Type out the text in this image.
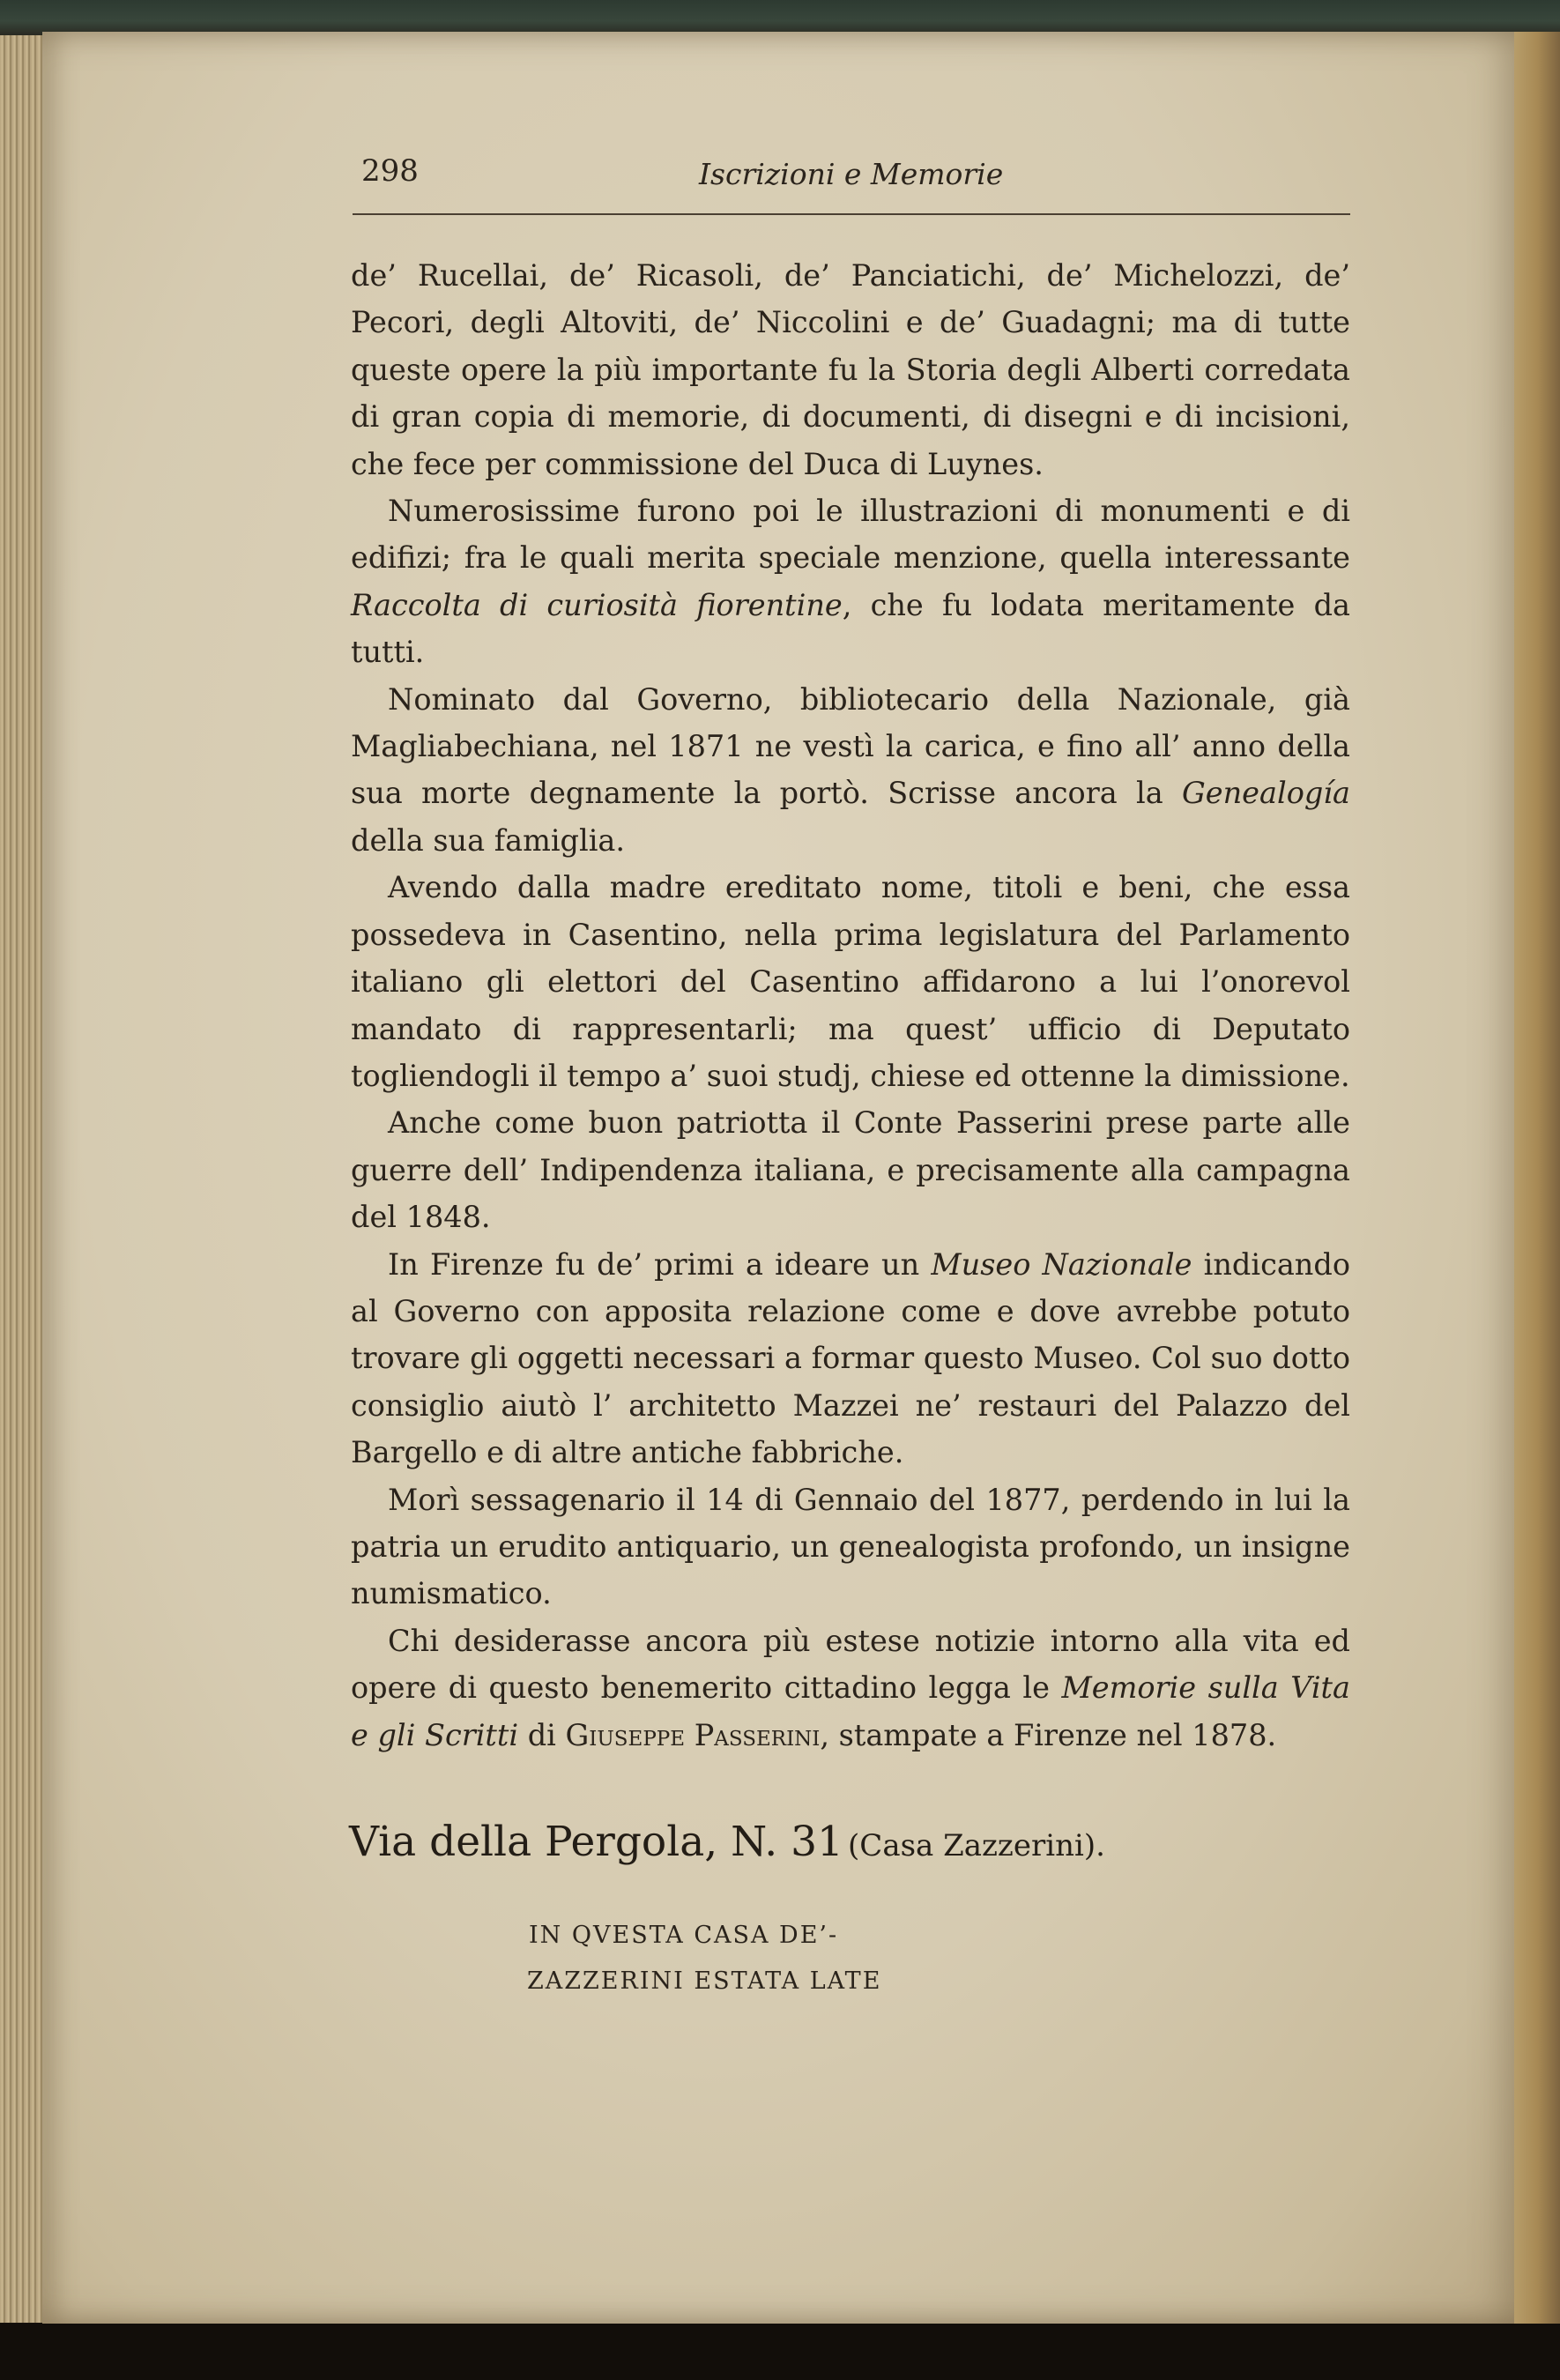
298	Iscrizioni e Memorie

de’ Rucellai, de’ Ricasoli, de’ Panciatichi, de’ Michelozzi, de’ Pecori, degli Altoviti, de’ Niccolini e de’ Guadagni; ma di tutte queste opere la più importante fu la Storia degli Alberti corredata di gran copia di memorie, di documenti, di disegni e di incisioni, che fece per commissione del Duca di Luynes.

Numerosissime furono poi le illustrazioni di monumenti e di edifizi; fra le quali merita speciale menzione, quella interessante Raccolta di curiosità fiorentine, che fu lodata meritamente da tutti.

Nominato dal Governo, bibliotecario della Nazionale, già Magliabechiana, nel 1871 ne vestì la carica, e fino all’ anno della sua morte degnamente la portò. Scrisse ancora la Genealogía della sua famiglia.

Avendo dalla madre ereditato nome, titoli e beni, che essa possedeva in Casentino, nella prima legislatura del Parlamento italiano gli elettori del Casentino affidarono a lui l’onorevol mandato di rappresentarli; ma quest’ ufficio di Deputato togliendogli il tempo a’ suoi studj, chiese ed ottenne la dimissione.

Anche come buon patriotta il Conte Passerini prese parte alle guerre dell’ Indipendenza italiana, e precisamente alla campagna del 1848.

In Firenze fu de’ primi a ideare un Museo Nazionale indicando al Governo con apposita relazione come e dove avrebbe potuto trovare gli oggetti necessari a formar questo Museo. Col suo dotto consiglio aiutò l’ architetto Mazzei ne’ restauri del Palazzo del Bargello e di altre antiche fabbriche.

Morì sessagenario il 14 di Gennaio del 1877, perdendo in lui la patria un erudito antiquario, un genealogista profondo, un insigne numismatico.

Chi desiderasse ancora più estese notizie intorno alla vita ed opere di questo benemerito cittadino legga le Memorie sulla Vita e gli Scritti di Giuseppe Passerini, stampate a Firenze nel 1878.

Via della Pergola, N. 31 (Casa Zazzerini).
IN QVESTA CASA DE’-
ZAZZERINI ESTATA LATE
